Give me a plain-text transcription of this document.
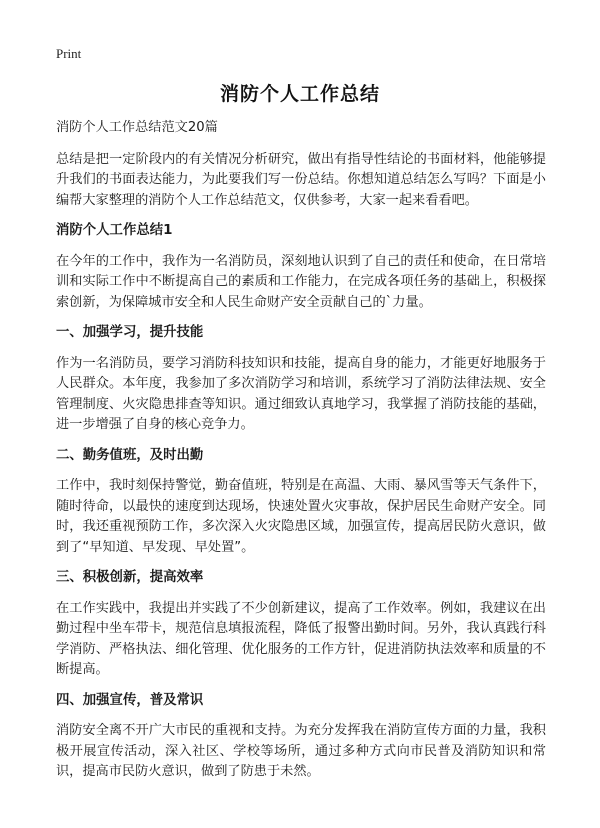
Print
消防个人工作总结
消防个人工作总结范文20篇
总结是把一定阶段内的有关情况分析研究，做出有指导性结论的书面材料，他能够提升我们的书面表达能力，为此要我们写一份总结。你想知道总结怎么写吗？下面是小编帮大家整理的消防个人工作总结范文，仅供参考，大家一起来看看吧。
消防个人工作总结1
在今年的工作中，我作为一名消防员，深刻地认识到了自己的责任和使命，在日常培训和实际工作中不断提高自己的素质和工作能力，在完成各项任务的基础上，积极探索创新，为保障城市安全和人民生命财产安全贡献自己的`力量。
一、加强学习，提升技能
作为一名消防员，要学习消防科技知识和技能，提高自身的能力，才能更好地服务于人民群众。本年度，我参加了多次消防学习和培训，系统学习了消防法律法规、安全管理制度、火灾隐患排查等知识。通过细致认真地学习，我掌握了消防技能的基础，进一步增强了自身的核心竞争力。
二、勤务值班，及时出勤
工作中，我时刻保持警觉，勤奋值班，特别是在高温、大雨、暴风雪等天气条件下，随时待命，以最快的速度到达现场，快速处置火灾事故，保护居民生命财产安全。同时，我还重视预防工作，多次深入火灾隐患区域，加强宣传，提高居民防火意识，做到了“早知道、早发现、早处置”。
三、积极创新，提高效率
在工作实践中，我提出并实践了不少创新建议，提高了工作效率。例如，我建议在出勤过程中坐车带卡，规范信息填报流程，降低了报警出勤时间。另外，我认真践行科学消防、严格执法、细化管理、优化服务的工作方针，促进消防执法效率和质量的不断提高。
四、加强宣传，普及常识
消防安全离不开广大市民的重视和支持。为充分发挥我在消防宣传方面的力量，我积极开展宣传活动，深入社区、学校等场所，通过多种方式向市民普及消防知识和常识，提高市民防火意识，做到了防患于未然。
